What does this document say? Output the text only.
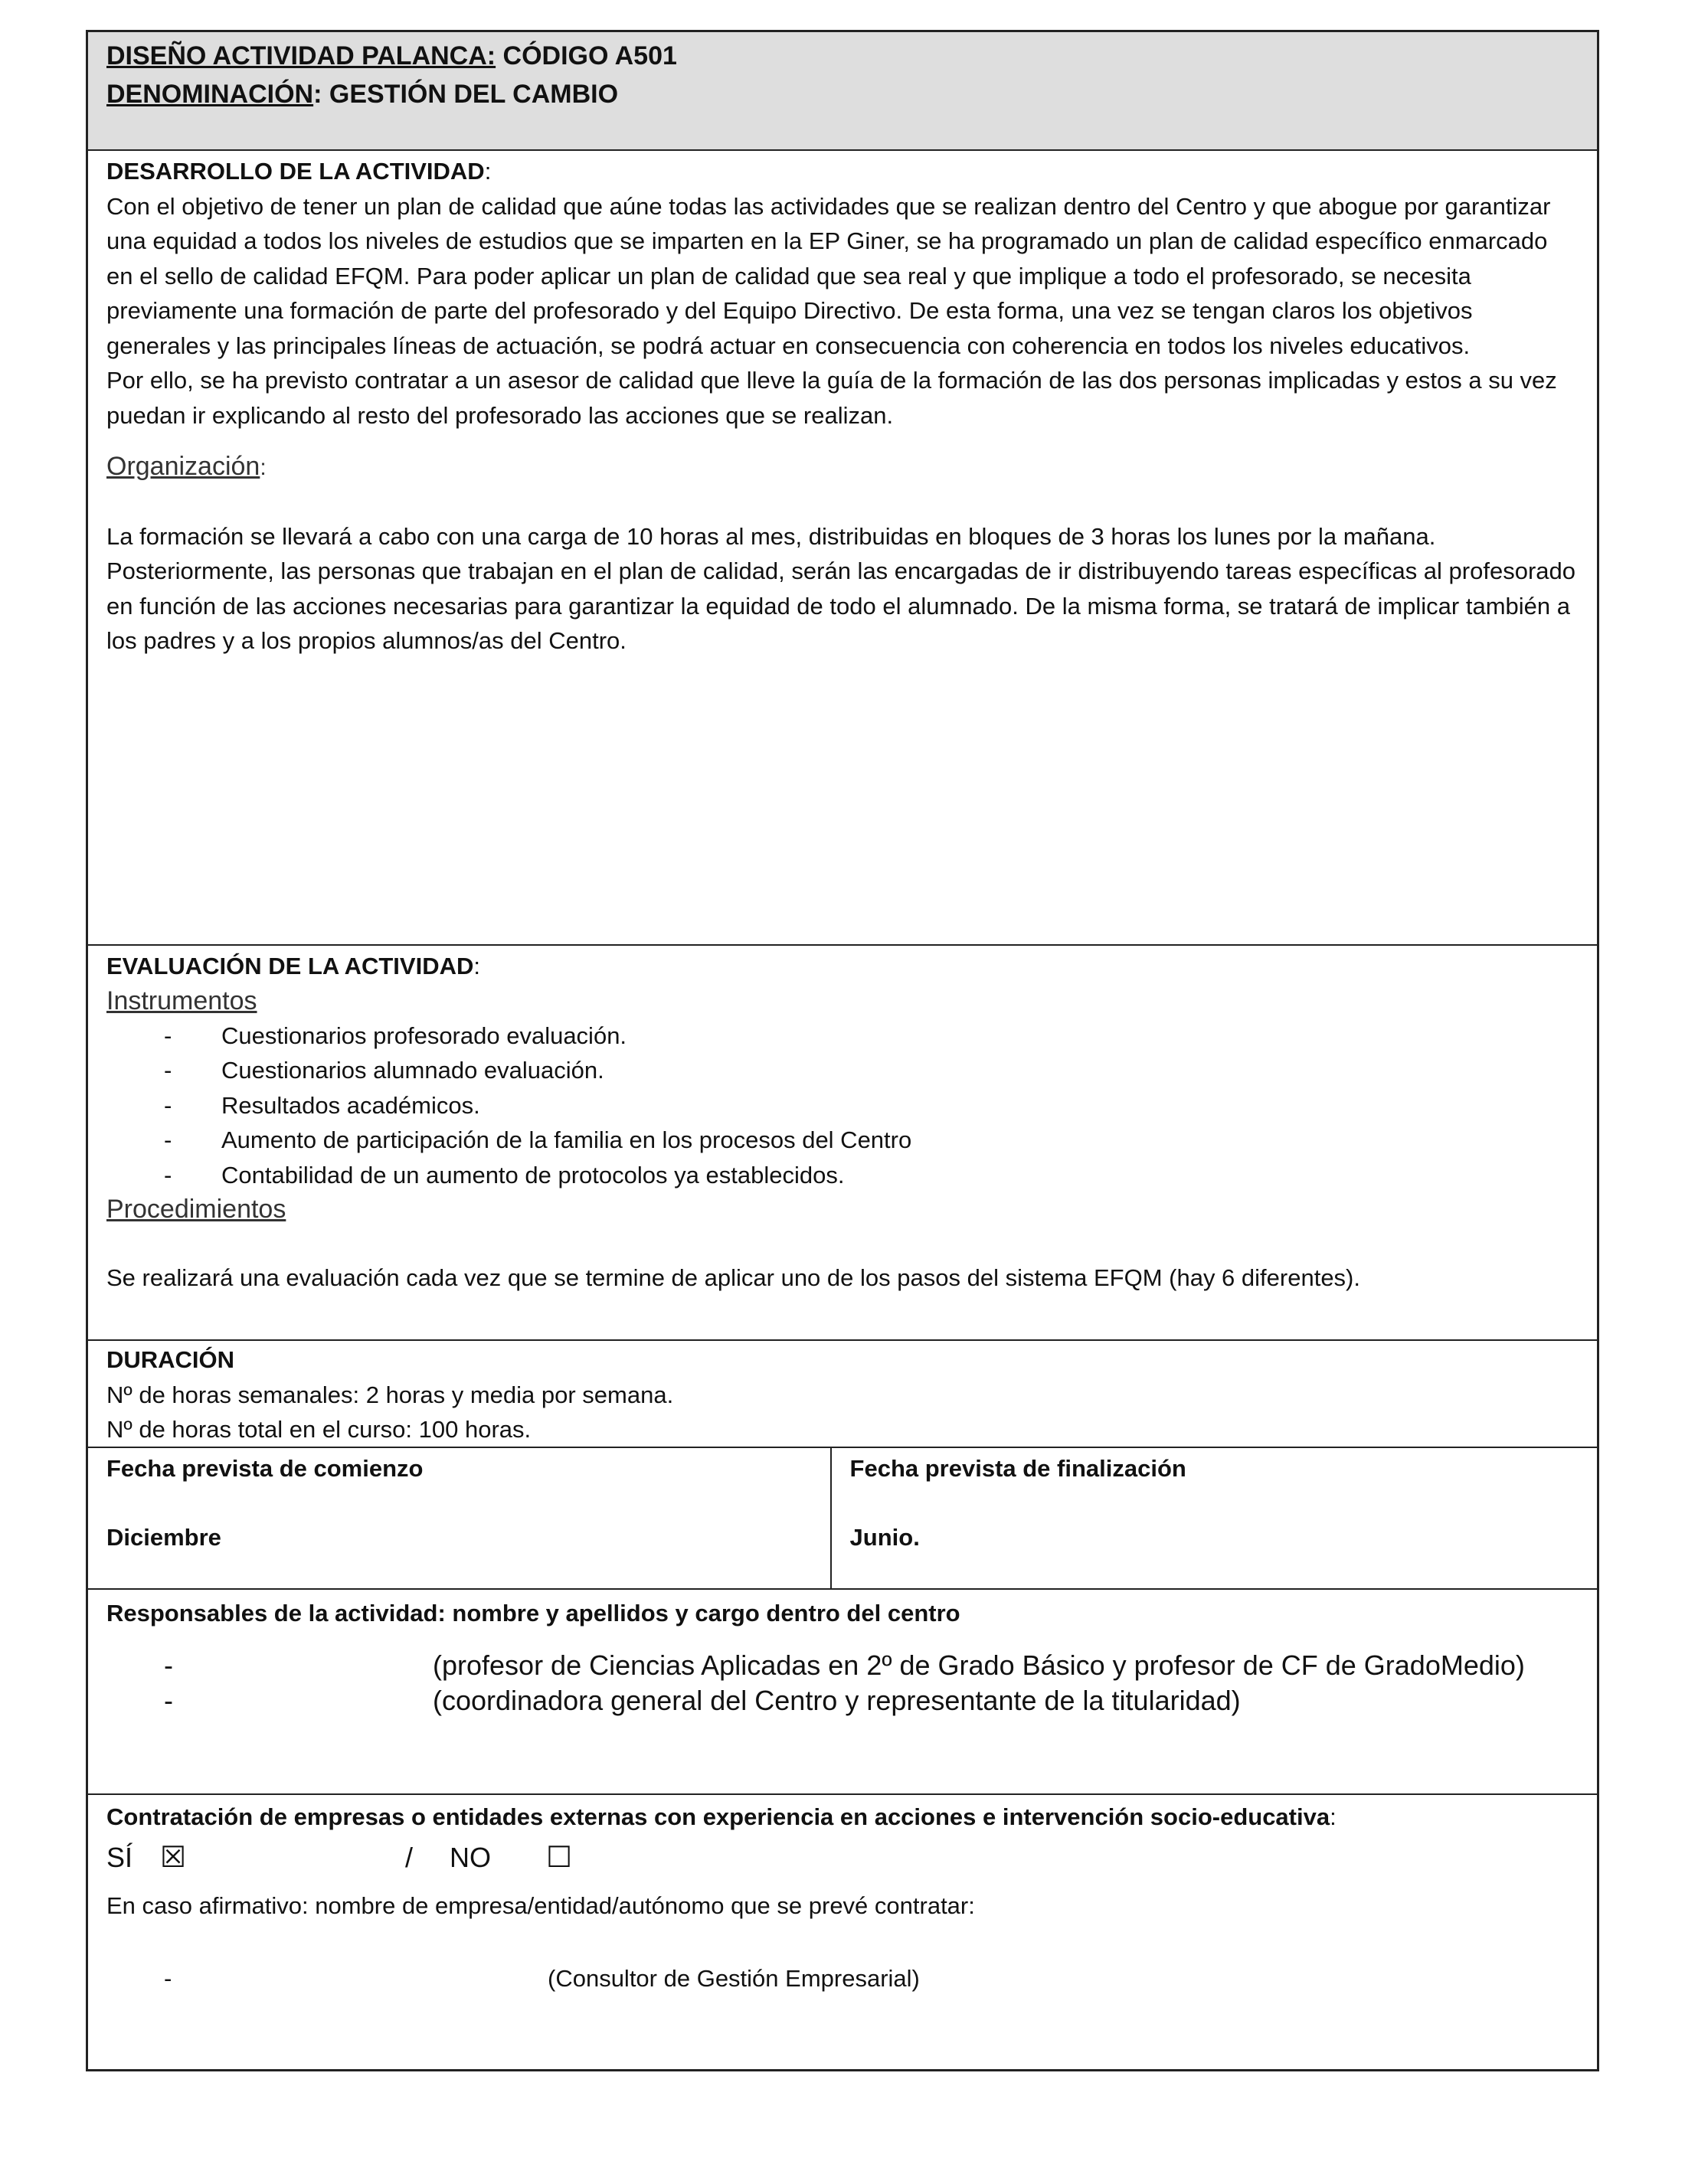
DISEÑO ACTIVIDAD PALANCA: CÓDIGO A501
DENOMINACIÓN: GESTIÓN DEL CAMBIO

DESARROLLO DE LA ACTIVIDAD:

Con el objetivo de tener un plan de calidad que aúne todas las actividades que se realizan dentro del Centro y que abogue por garantizar una equidad a todos los niveles de estudios que se imparten en la EP Giner, se ha programado un plan de calidad específico enmarcado en el sello de calidad EFQM. Para poder aplicar un plan de calidad que sea real y que implique a todo el profesorado, se necesita previamente una formación de parte del profesorado y del Equipo Directivo. De esta forma, una vez se tengan claros los objetivos generales y las principales líneas de actuación, se podrá actuar en consecuencia con coherencia en todos los niveles educativos.

Por ello, se ha previsto contratar a un asesor de calidad que lleve la guía de la formación de las dos personas implicadas y estos a su vez puedan ir explicando al resto del profesorado las acciones que se realizan.

Organización:

La formación se llevará a cabo con una carga de 10 horas al mes, distribuidas en bloques de 3 horas los lunes por la mañana. Posteriormente, las personas que trabajan en el plan de calidad, serán las encargadas de ir distribuyendo tareas específicas al profesorado en función de las acciones necesarias para garantizar la equidad de todo el alumnado. De la misma forma, se tratará de implicar también a los padres y a los propios alumnos/as del Centro.

EVALUACIÓN DE LA ACTIVIDAD:
Instrumentos
- Cuestionarios profesorado evaluación.
- Cuestionarios alumnado evaluación.
- Resultados académicos.
- Aumento de participación de la familia en los procesos del Centro
- Contabilidad de un aumento de protocolos ya establecidos.
Procedimientos
Se realizará una evaluación cada vez que se termine de aplicar uno de los pasos del sistema EFQM (hay 6 diferentes).
DURACIÓN
Nº de horas semanales: 2 horas y media por semana.
Nº de horas total en el curso: 100 horas.
Fecha prevista de comienzo
Diciembre
Fecha prevista de finalización
Junio.
Responsables de la actividad: nombre y apellidos y cargo dentro del centro
-	(profesor de Ciencias Aplicadas en 2º de Grado Básico y profesor de CF de GradoMedio)
-	(coordinadora general del Centro y representante de la titularidad)
Contratación de empresas o entidades externas con experiencia en acciones e intervención socio-educativa:
SÍ ☒	/ NO ☐
En caso afirmativo: nombre de empresa/entidad/autónomo que se prevé contratar:
-	(Consultor de Gestión Empresarial)
